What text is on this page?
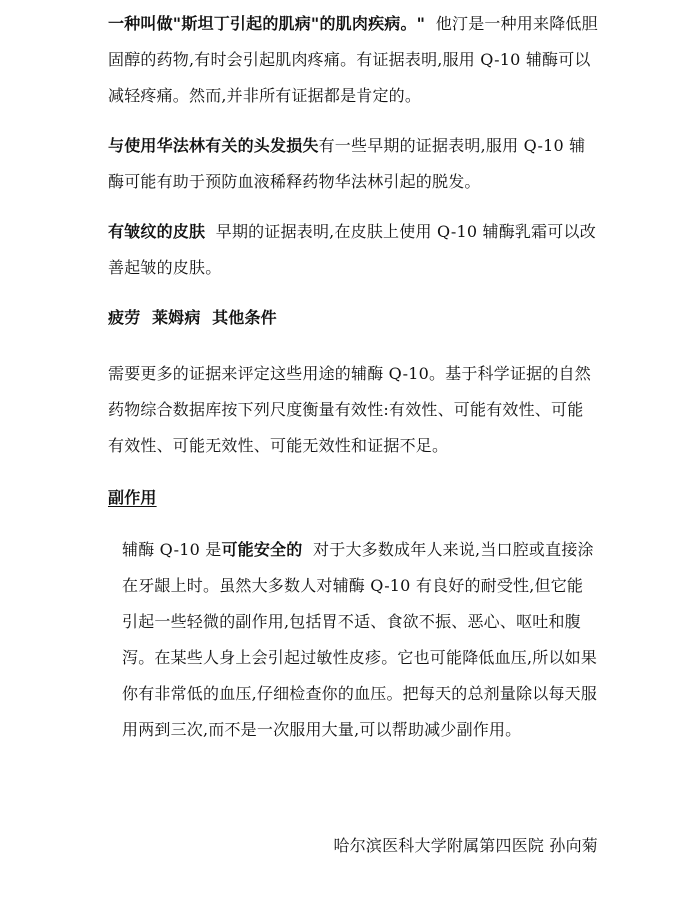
一种叫做"斯坦丁引起的肌病"的肌肉疾病。"  他汀是一种用来降低胆固醇的药物,有时会引起肌肉疼痛。有证据表明,服用 Q-10 辅酶可以减轻疼痛。然而,并非所有证据都是肯定的。

与使用华法林有关的头发损失有一些早期的证据表明,服用 Q-10 辅酶可能有助于预防血液稀释药物华法林引起的脱发。

有皱纹的皮肤  早期的证据表明,在皮肤上使用 Q-10 辅酶乳霜可以改善起皱的皮肤。

疲劳  莱姆病  其他条件

需要更多的证据来评定这些用途的辅酶 Q-10。基于科学证据的自然药物综合数据库按下列尺度衡量有效性:有效性、可能有效性、可能有效性、可能无效性、可能无效性和证据不足。

副作用

辅酶 Q-10 是可能安全的  对于大多数成年人来说,当口腔或直接涂在牙龈上时。虽然大多数人对辅酶 Q-10 有良好的耐受性,但它能引起一些轻微的副作用,包括胃不适、食欲不振、恶心、呕吐和腹泻。在某些人身上会引起过敏性皮疹。它也可能降低血压,所以如果你有非常低的血压,仔细检查你的血压。把每天的总剂量除以每天服用两到三次,而不是一次服用大量,可以帮助减少副作用。

哈尔滨医科大学附属第四医院 孙向菊
